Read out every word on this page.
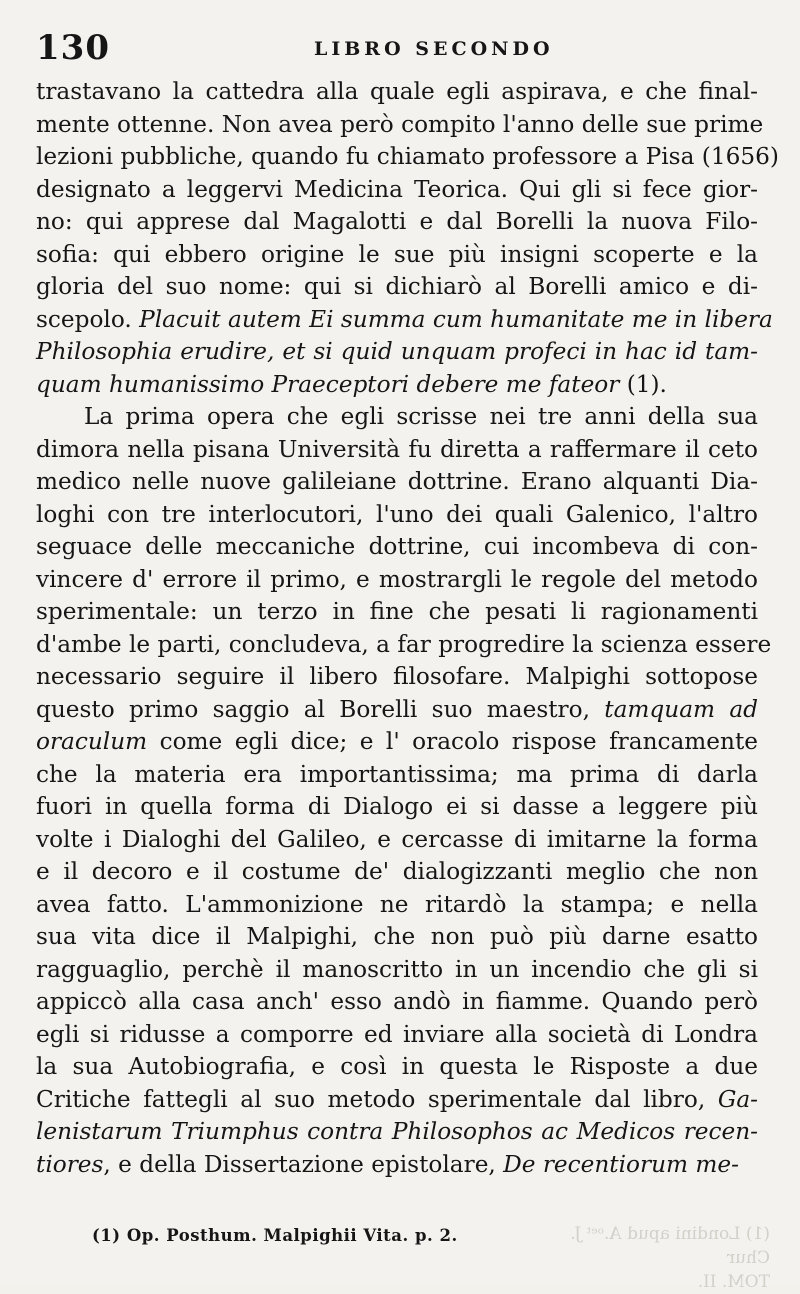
130	LIBRO SECONDO
trastavano la cattedra alla quale egli aspirava, e che final-
mente ottenne. Non avea però compito l'anno delle sue prime
lezioni pubbliche, quando fu chiamato professore a Pisa (1656)
designato a leggervi Medicina Teorica. Qui gli si fece gior-
no: qui apprese dal Magalotti e dal Borelli la nuova Filo-
sofia: qui ebbero origine le sue più insigni scoperte e la
gloria del suo nome: qui si dichiarò al Borelli amico e di-
scepolo. Placuit autem Ei summa cum humanitate me in libera
Philosophia erudire, et si quid unquam profeci in hac id tam-
quam humanissimo Praeceptori debere me fateor (1).
La prima opera che egli scrisse nei tre anni della sua
dimora nella pisana Università fu diretta a raffermare il ceto
medico nelle nuove galileiane dottrine. Erano alquanti Dia-
loghi con tre interlocutori, l'uno dei quali Galenico, l'altro
seguace delle meccaniche dottrine, cui incombeva di con-
vincere d' errore il primo, e mostrargli le regole del metodo
sperimentale: un terzo in fine che pesati li ragionamenti
d'ambe le parti, concludeva, a far progredire la scienza essere
necessario seguire il libero filosofare. Malpighi sottopose
questo primo saggio al Borelli suo maestro, tamquam ad
oraculum come egli dice; e l' oracolo rispose francamente
che la materia era importantissima; ma prima di darla
fuori in quella forma di Dialogo ei si dasse a leggere più
volte i Dialoghi del Galileo, e cercasse di imitarne la forma
e il decoro e il costume de' dialogizzanti meglio che non
avea fatto. L'ammonizione ne ritardò la stampa; e nella
sua vita dice il Malpighi, che non può più darne esatto
ragguaglio, perchè il manoscritto in un incendio che gli si
appiccò alla casa anch' esso andò in fiamme. Quando però
egli si ridusse a comporre ed inviare alla società di Londra
la sua Autobiografia, e così in questa le Risposte a due
Critiche fattegli al suo metodo sperimentale dal libro, Ga-
lenistarum Triumphus contra Philosophos ac Medicos recen-
tiores, e della Dissertazione epistolare, De recentiorum me-
(1) Op. Posthum. Malpighii Vita. p. 2.	(1) Londini apud A.ᵒᵉᵗ J. Chur
TOM. II.
